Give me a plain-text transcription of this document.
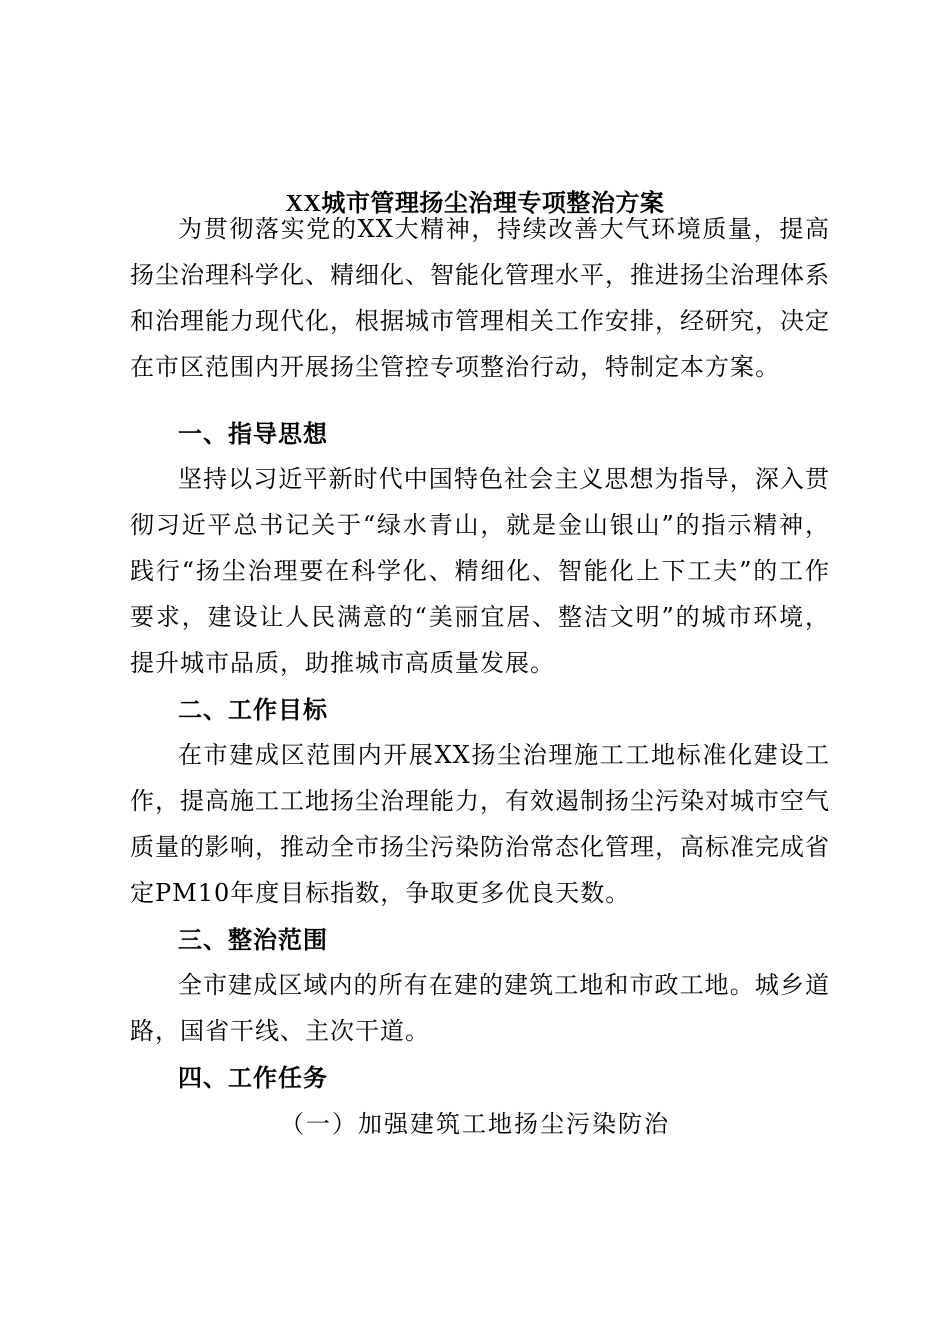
XX城市管理扬尘治理专项整治方案

为贯彻落实党的XX大精神，持续改善大气环境质量，提高扬尘治理科学化、精细化、智能化管理水平，推进扬尘治理体系和治理能力现代化，根据城市管理相关工作安排，经研究，决定在市区范围内开展扬尘管控专项整治行动，特制定本方案。

一、指导思想

坚持以习近平新时代中国特色社会主义思想为指导，深入贯彻习近平总书记关于“绿水青山，就是金山银山”的指示精神，践行“扬尘治理要在科学化、精细化、智能化上下工夫”的工作要求，建设让人民满意的“美丽宜居、整洁文明”的城市环境，提升城市品质，助推城市高质量发展。

二、工作目标

在市建成区范围内开展XX扬尘治理施工工地标准化建设工作，提高施工工地扬尘治理能力，有效遏制扬尘污染对城市空气质量的影响，推动全市扬尘污染防治常态化管理，高标准完成省定PM10年度目标指数，争取更多优良天数。

三、整治范围

全市建成区域内的所有在建的建筑工地和市政工地。城乡道路，国省干线、主次干道。

四、工作任务
（一）加强建筑工地扬尘污染防治
